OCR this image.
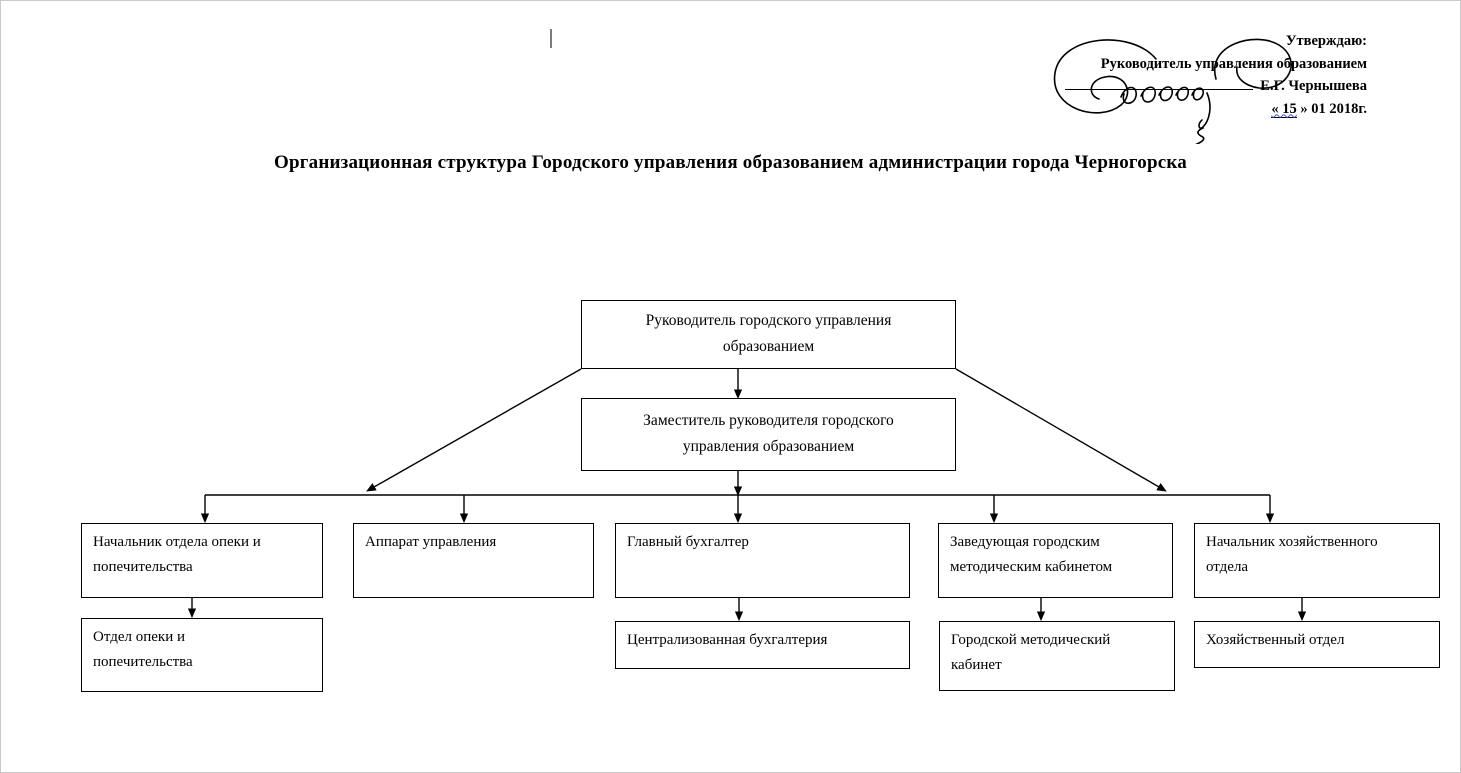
Утверждаю:
Руководитель управления образованием
Е.Г. Чернышева
« 15 » 01 2018г.
Организационная структура Городского управления образованием администрации города Черногорска
Руководитель городского управления образованием
Заместитель руководителя городского управления образованием
Начальник отдела опеки и попечительства
Аппарат управления	Главный бухгалтер	Заведующая городским методическим кабинетом
Начальник хозяйственного отдела
Отдел опеки и попечительства
Централизованная бухгалтерия	Городской методический кабинет
Хозяйственный отдел
